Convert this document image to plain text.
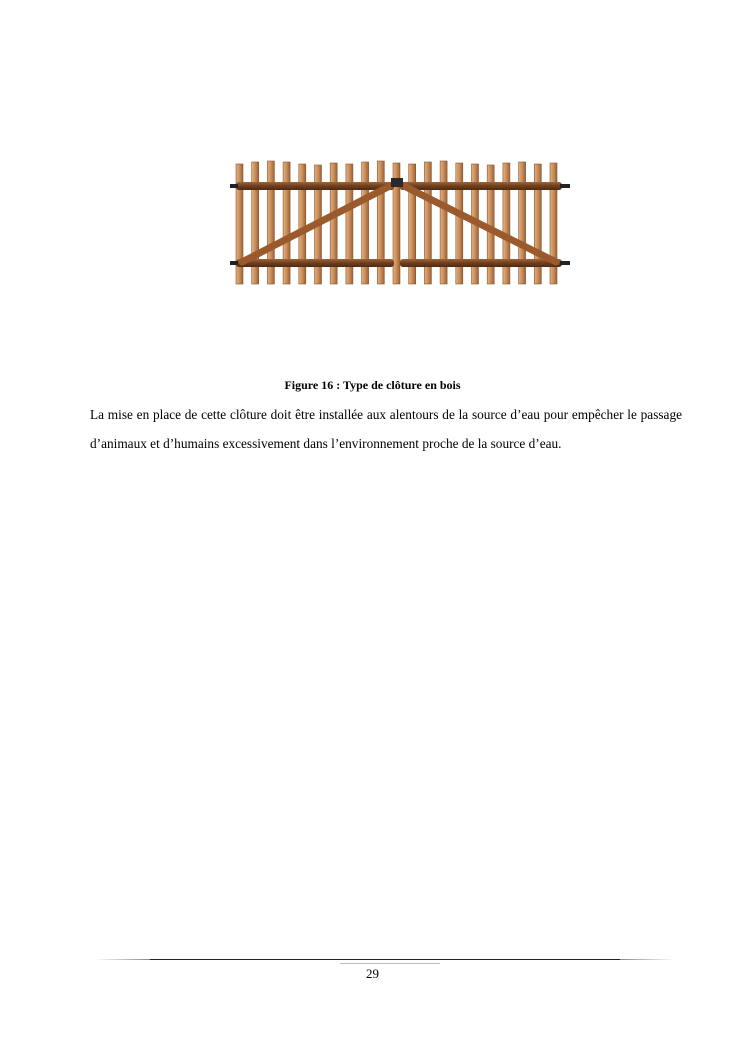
Figure 16 : Type de clôture en bois

La mise en place de cette clôture doit être installée aux alentours de la source d’eau pour empêcher le passage d’animaux et d’humains excessivement dans l’environnement proche de la source d’eau.

29
